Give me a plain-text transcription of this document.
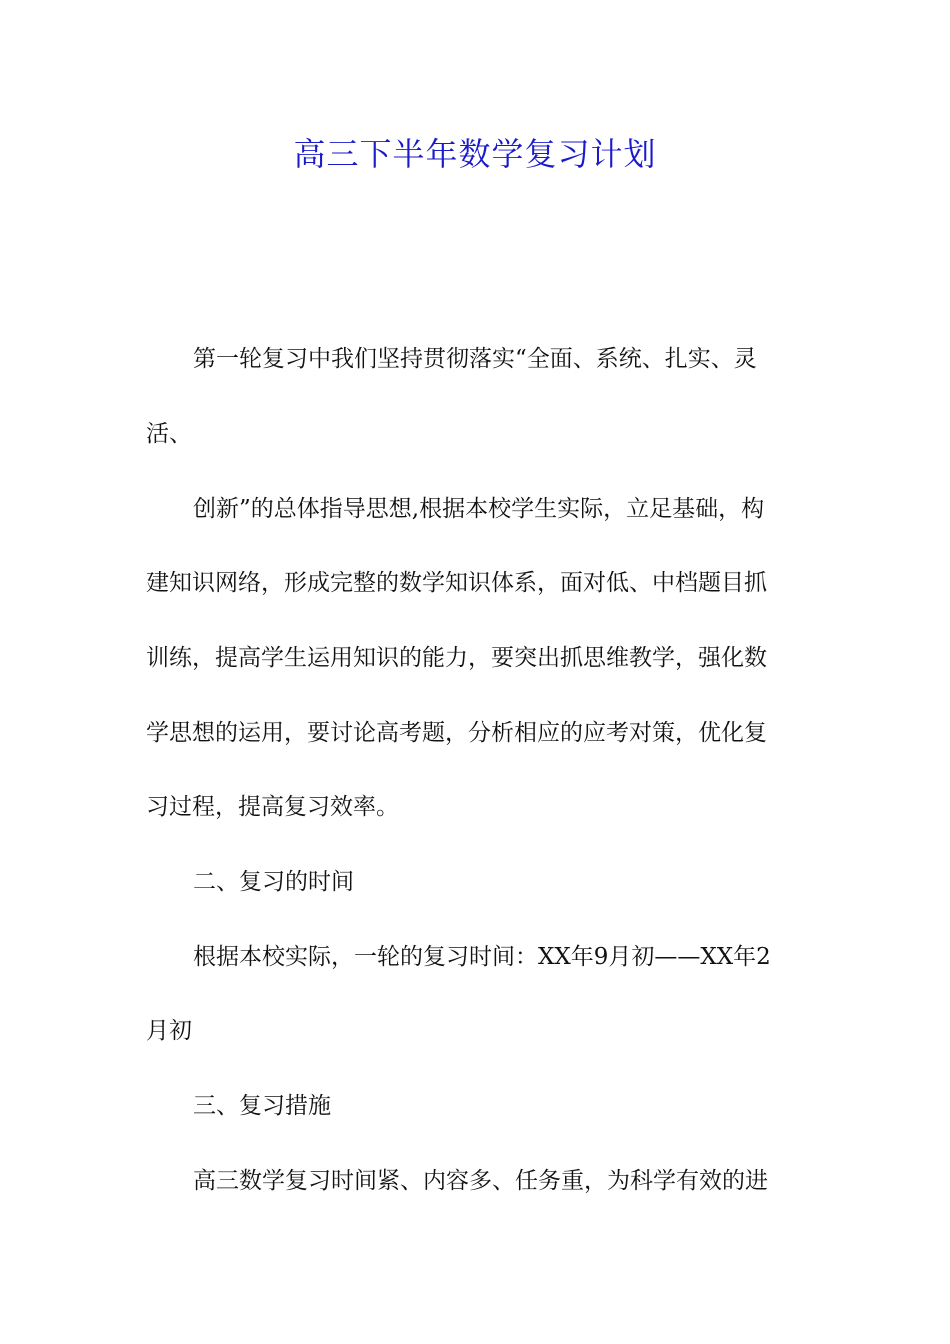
高三下半年数学复习计划

第一轮复习中我们坚持贯彻落实“全面、系统、扎实、灵

活、

创新”的总体指导思想,根据本校学生实际，立足基础，构

建知识网络，形成完整的数学知识体系，面对低、中档题目抓

训练，提高学生运用知识的能力，要突出抓思维教学，强化数

学思想的运用，要讨论高考题，分析相应的应考对策，优化复

习过程，提高复习效率。

二、复习的时间

根据本校实际，一轮的复习时间：XX年9月初——XX年2

月初

三、复习措施

高三数学复习时间紧、内容多、任务重，为科学有效的进
